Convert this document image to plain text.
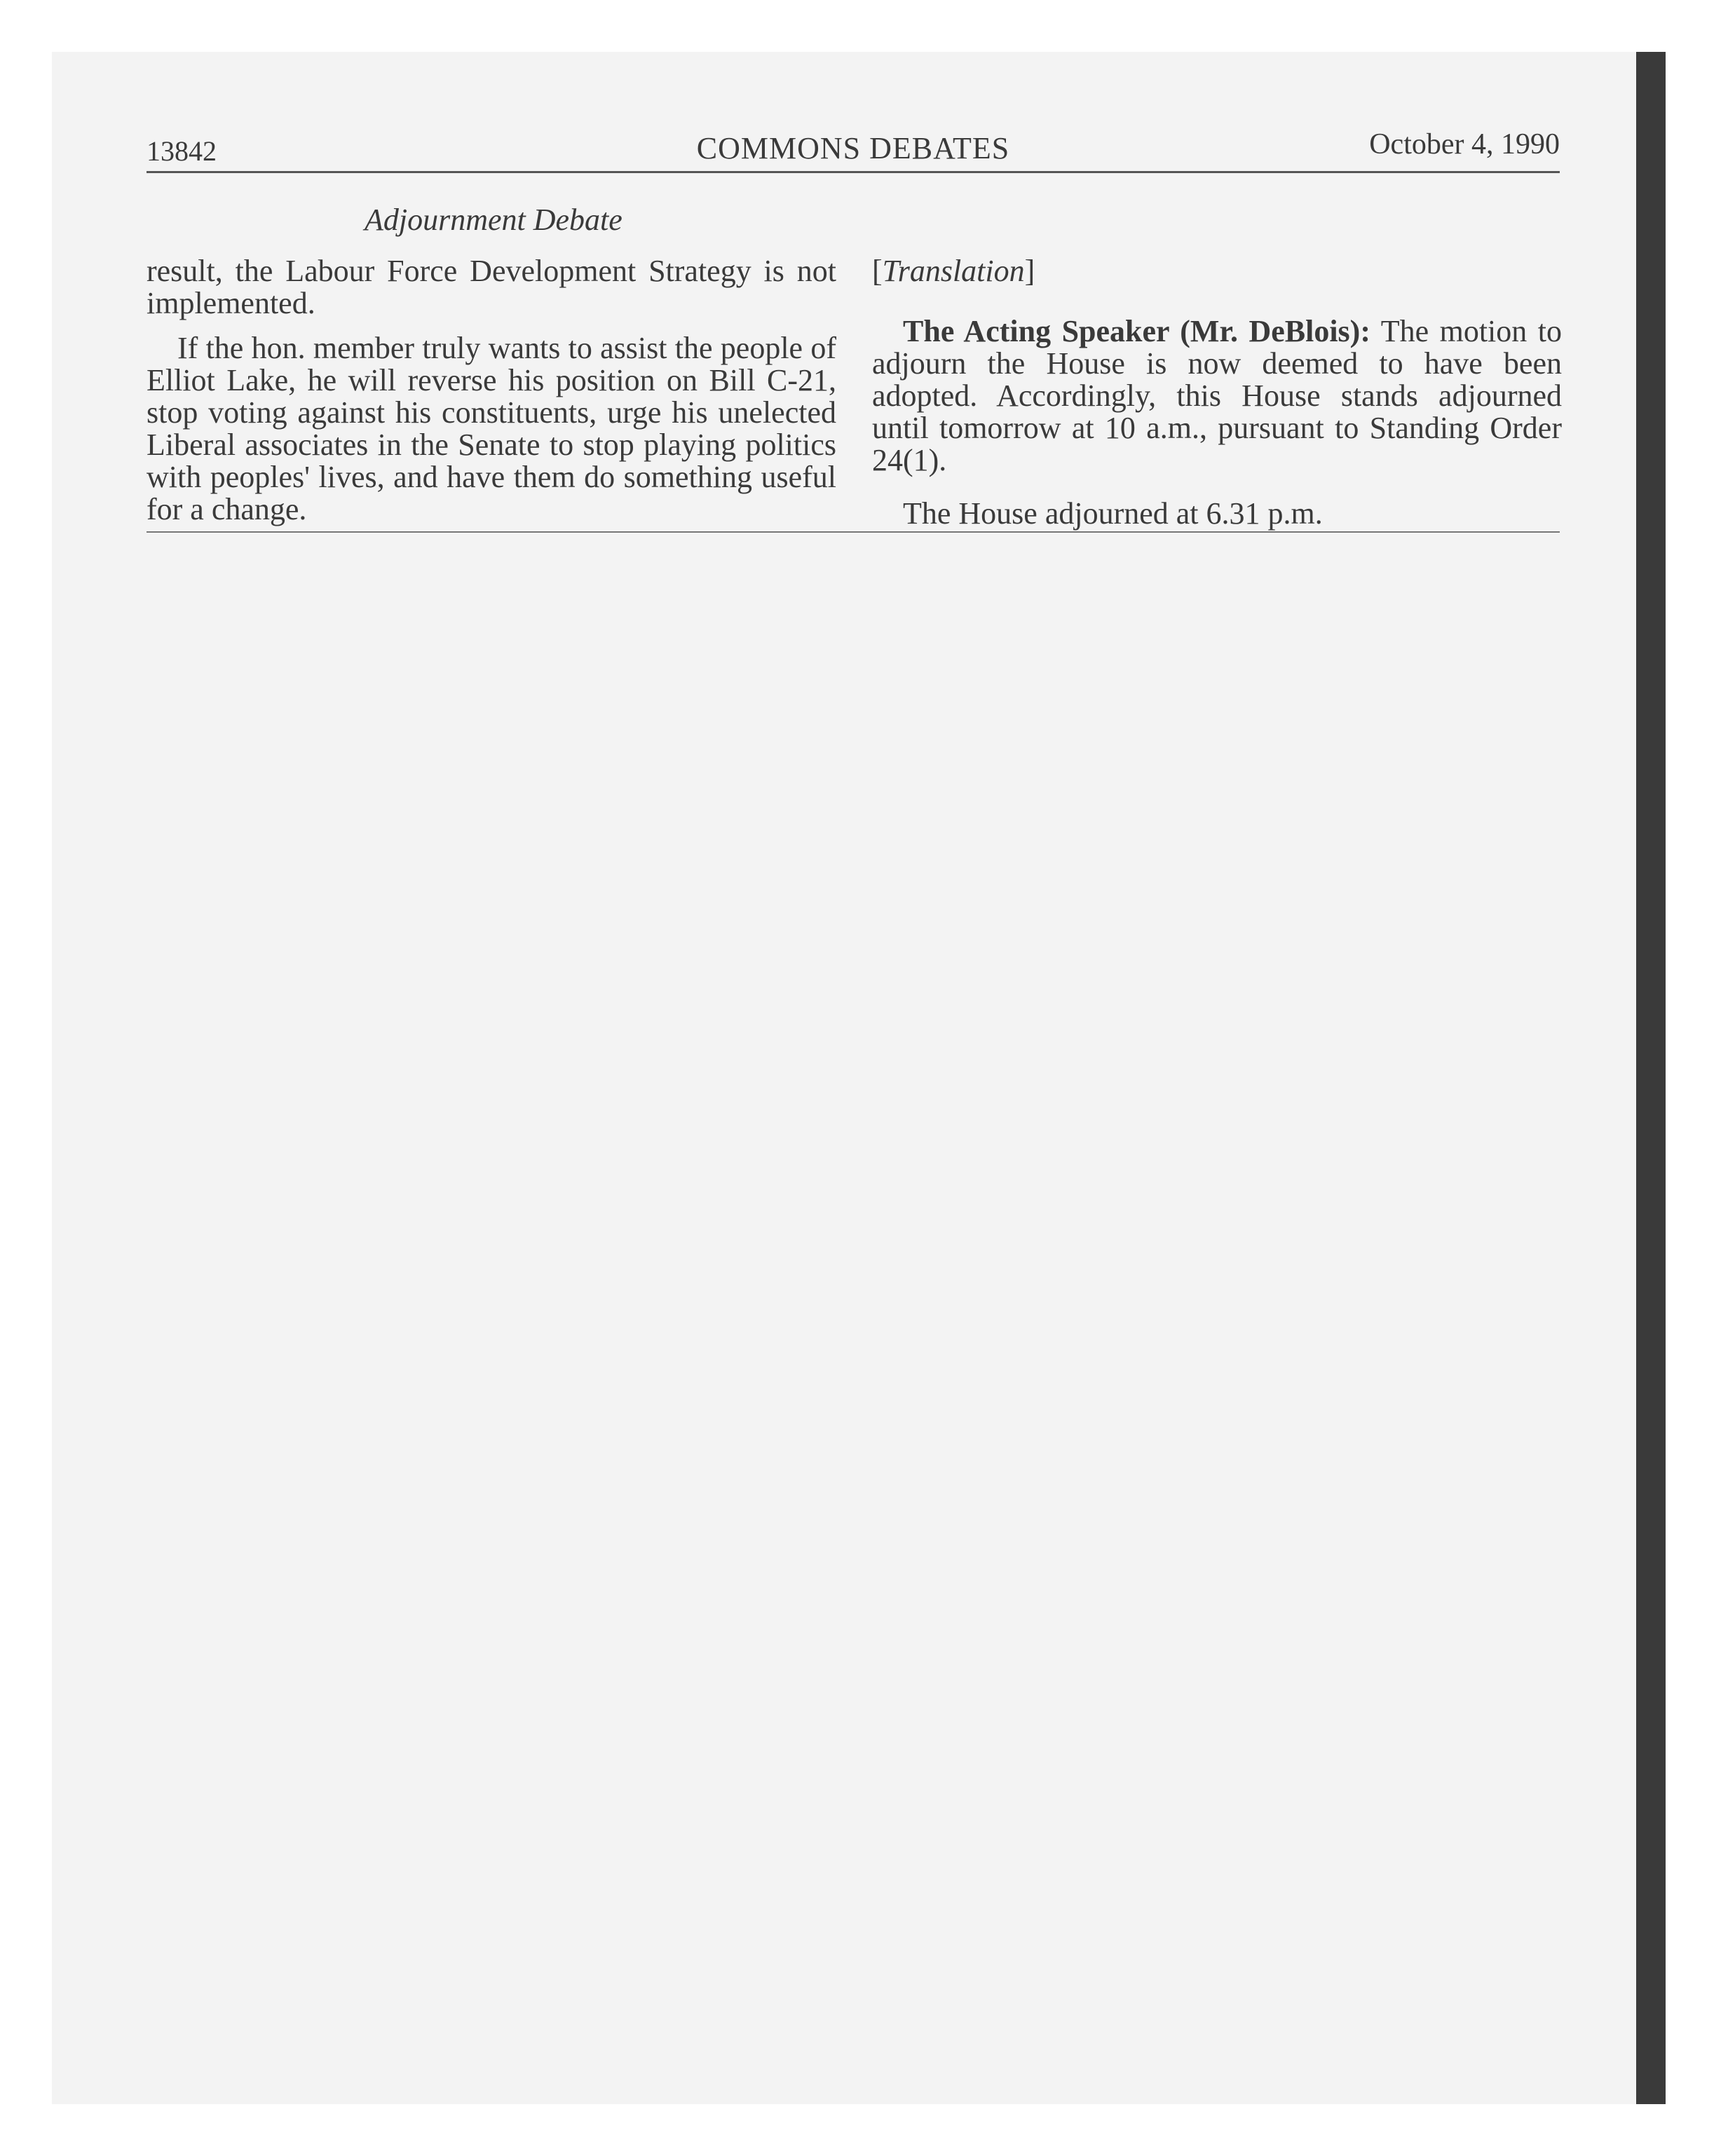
13842	COMMONS DEBATES	October 4, 1990
Adjournment Debate

result, the Labour Force Development Strategy is not implemented.

If the hon. member truly wants to assist the people of Elliot Lake, he will reverse his position on Bill C-21, stop voting against his constituents, urge his unelected Liberal associates in the Senate to stop playing politics with peoples' lives, and have them do something useful for a change.

[Translation]

The Acting Speaker (Mr. DeBlois): The motion to adjourn the House is now deemed to have been adopted. Accordingly, this House stands adjourned until tomorrow at 10 a.m., pursuant to Standing Order 24(1).

The House adjourned at 6.31 p.m.
